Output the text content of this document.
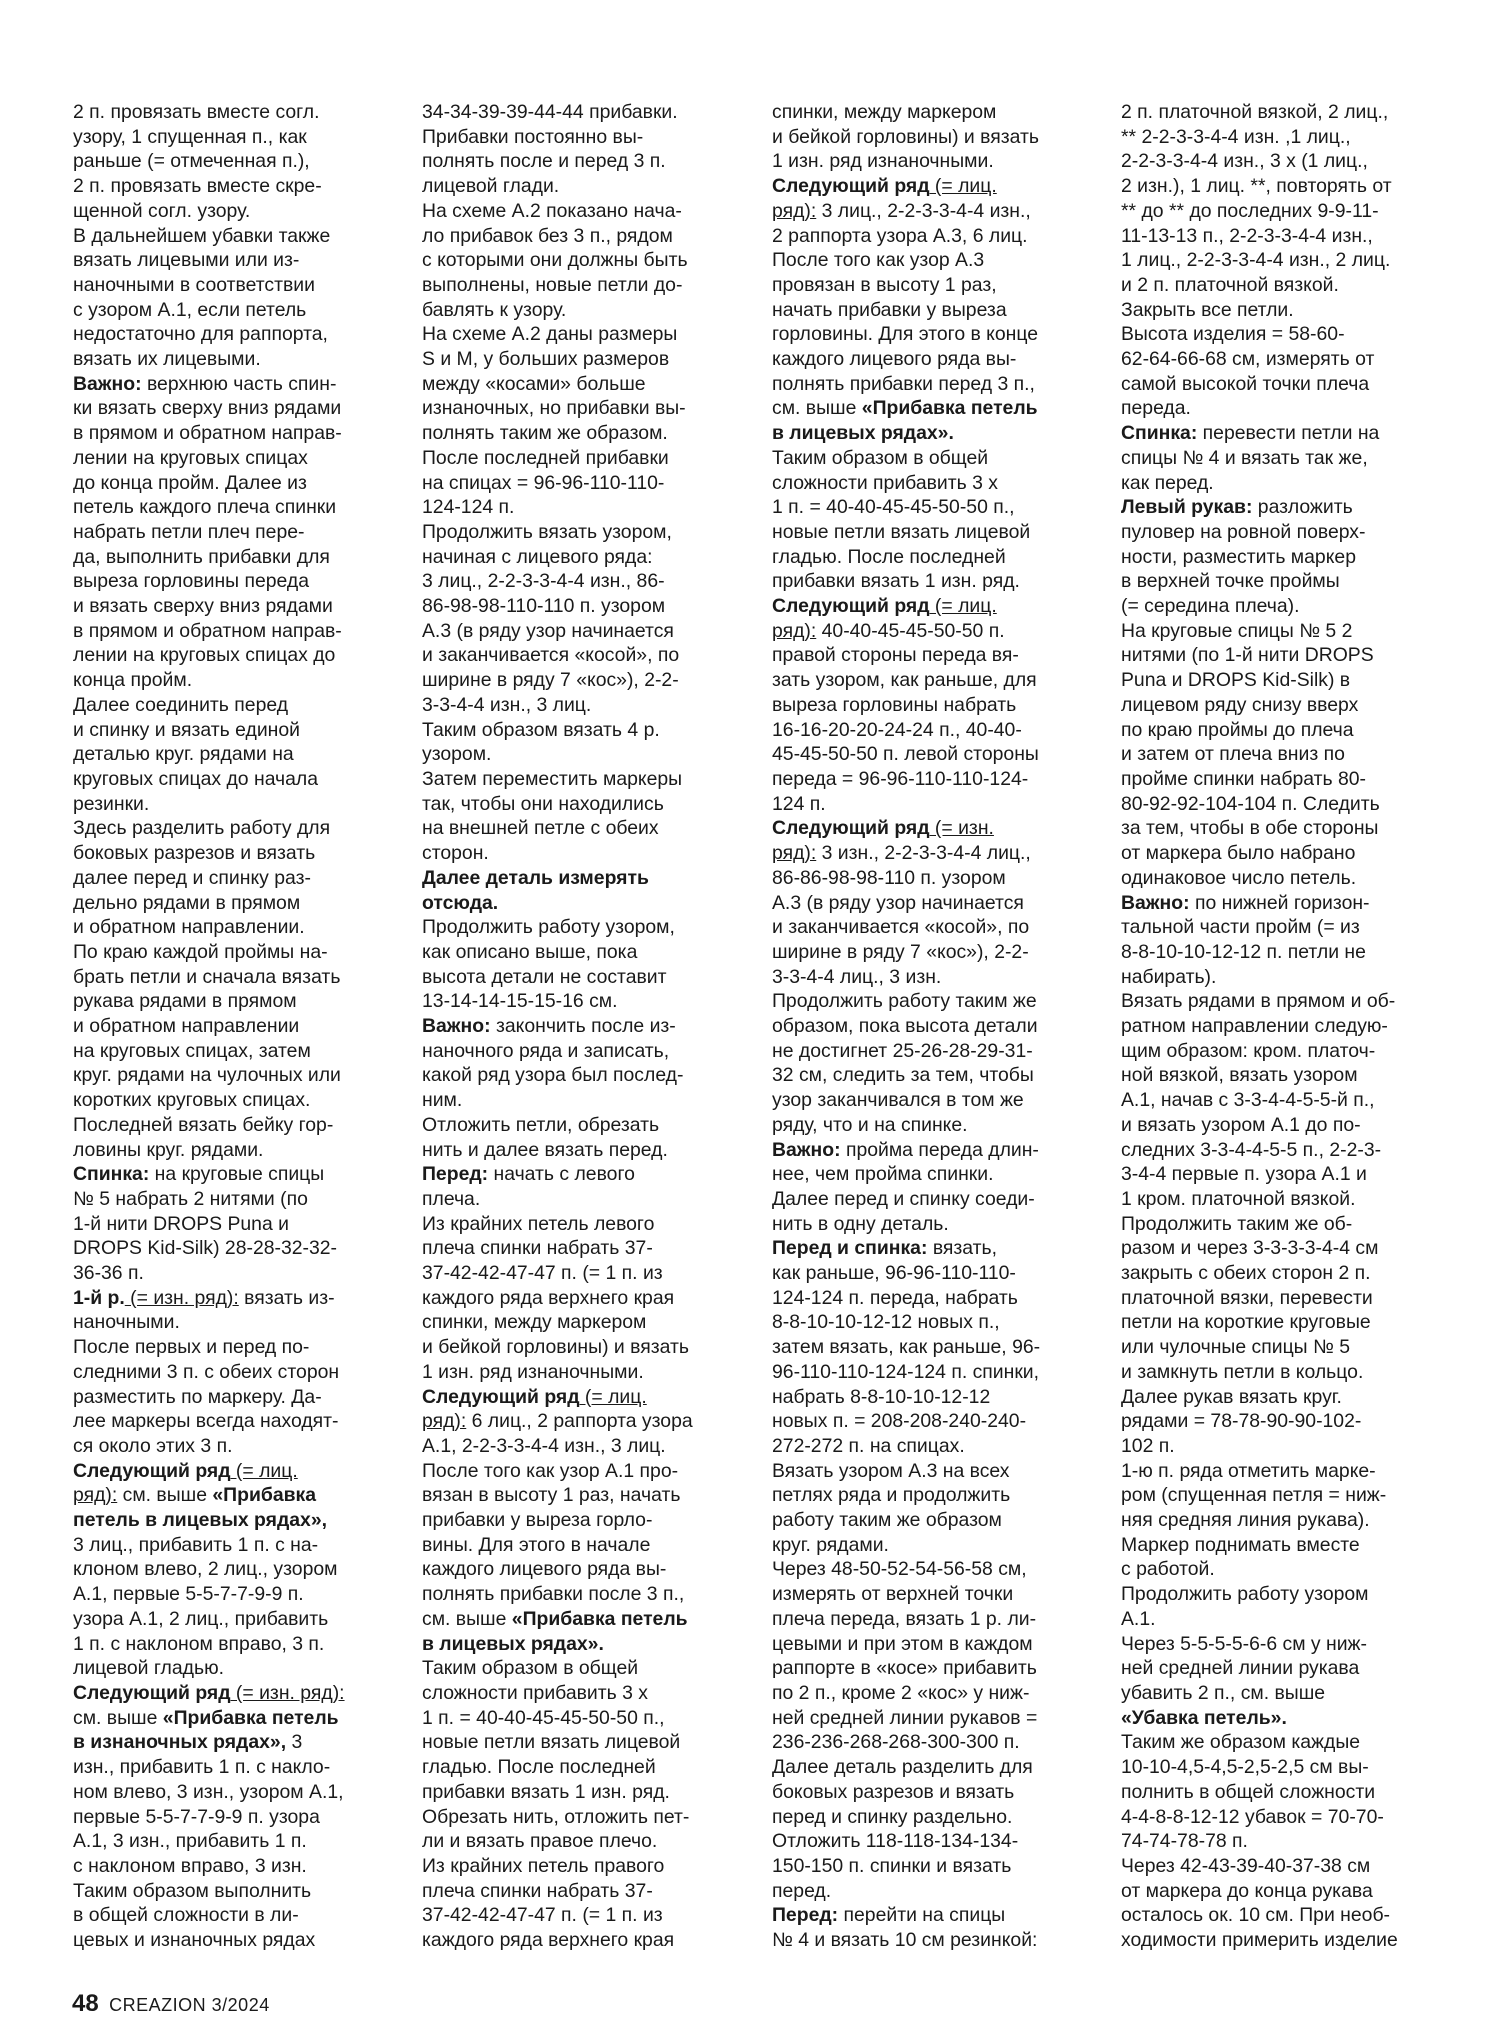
2 п. провязать вместе согл.

узору, 1 спущенная п., как

раньше (= отмеченная п.),

2 п. провязать вместе скре-

щенной согл. узору.

В дальнейшем убавки также

вязать лицевыми или из-

наночными в соответствии

с узором A.1, если петель

недостаточно для раппорта,

вязать их лицевыми.

Важно: верхнюю часть спин-

ки вязать сверху вниз рядами

в прямом и обратном направ-

лении на круговых спицах

до конца пройм. Далее из

петель каждого плеча спинки

набрать петли плеч пере-

да, выполнить прибавки для

выреза горловины переда

и вязать сверху вниз рядами

в прямом и обратном направ-

лении на круговых спицах до

конца пройм.

Далее соединить перед

и спинку и вязать единой

деталью круг. рядами на

круговых спицах до начала

резинки.

Здесь разделить работу для

боковых разрезов и вязать

далее перед и спинку раз-

дельно рядами в прямом

и обратном направлении.

По краю каждой проймы на-

брать петли и сначала вязать

рукава рядами в прямом

и обратном направлении

на круговых спицах, затем

круг. рядами на чулочных или

коротких круговых спицах.

Последней вязать бейку гор-

ловины круг. рядами.

Спинка: на круговые спицы

№ 5 набрать 2 нитями (по

1-й нити DROPS Puna и

DROPS Kid-Silk) 28-28-32-32-

36-36 п.

1-й р. (= изн. ряд): вязать из-

наночными.

После первых и перед по-

следними 3 п. с обеих сторон

разместить по маркеру. Да-

лее маркеры всегда находят-

ся около этих 3 п.

Следующий ряд (= лиц.

ряд): см. выше «Прибавка

петель в лицевых рядах»,

3 лиц., прибавить 1 п. с на-

клоном влево, 2 лиц., узором

A.1, первые 5-5-7-7-9-9 п.

узора A.1, 2 лиц., прибавить

1 п. с наклоном вправо, 3 п.

лицевой гладью.

Следующий ряд (= изн. ряд):

см. выше «Прибавка петель

в изнаночных рядах», 3

изн., прибавить 1 п. с накло-

ном влево, 3 изн., узором A.1,

первые 5-5-7-7-9-9 п. узора

A.1, 3 изн., прибавить 1 п.

с наклоном вправо, 3 изн.

Таким образом выполнить

в общей сложности в ли-

цевых и изнаночных рядах

34-34-39-39-44-44 прибавки.

Прибавки постоянно вы-

полнять после и перед 3 п.

лицевой глади.

На схеме A.2 показано нача-

ло прибавок без 3 п., рядом

с которыми они должны быть

выполнены, новые петли до-

бавлять к узору.

На схеме A.2 даны размеры

S и M, у больших размеров

между «косами» больше

изнаночных, но прибавки вы-

полнять таким же образом.

После последней прибавки

на спицах = 96-96-110-110-

124-124 п.

Продолжить вязать узором,

начиная с лицевого ряда:

3 лиц., 2-2-3-3-4-4 изн., 86-

86-98-98-110-110 п. узором

A.3 (в ряду узор начинается

и заканчивается «косой», по

ширине в ряду 7 «кос»), 2-2-

3-3-4-4 изн., 3 лиц.

Таким образом вязать 4 р.

узором.

Затем переместить маркеры

так, чтобы они находились

на внешней петле с обеих

сторон.

Далее деталь измерять

отсюда.

Продолжить работу узором,

как описано выше, пока

высота детали не составит

13-14-14-15-15-16 см.

Важно: закончить после из-

наночного ряда и записать,

какой ряд узора был послед-

ним.

Отложить петли, обрезать

нить и далее вязать перед.

Перед: начать с левого

плеча.

Из крайних петель левого

плеча спинки набрать 37-

37-42-42-47-47 п. (= 1 п. из

каждого ряда верхнего края

спинки, между маркером

и бейкой горловины) и вязать

1 изн. ряд изнаночными.

Следующий ряд (= лиц.

ряд): 6 лиц., 2 раппорта узора

A.1, 2-2-3-3-4-4 изн., 3 лиц.

После того как узор A.1 про-

вязан в высоту 1 раз, начать

прибавки у выреза горло-

вины. Для этого в начале

каждого лицевого ряда вы-

полнять прибавки после 3 п.,

см. выше «Прибавка петель

в лицевых рядах».

Таким образом в общей

сложности прибавить 3 х

1 п. = 40-40-45-45-50-50 п.,

новые петли вязать лицевой

гладью. После последней

прибавки вязать 1 изн. ряд.

Обрезать нить, отложить пет-

ли и вязать правое плечо.

Из крайних петель правого

плеча спинки набрать 37-

37-42-42-47-47 п. (= 1 п. из

каждого ряда верхнего края

спинки, между маркером

и бейкой горловины) и вязать

1 изн. ряд изнаночными.

Следующий ряд (= лиц.

ряд): 3 лиц., 2-2-3-3-4-4 изн.,

2 раппорта узора A.3, 6 лиц.

После того как узор A.3

провязан в высоту 1 раз,

начать прибавки у выреза

горловины. Для этого в конце

каждого лицевого ряда вы-

полнять прибавки перед 3 п.,

см. выше «Прибавка петель

в лицевых рядах».

Таким образом в общей

сложности прибавить 3 х

1 п. = 40-40-45-45-50-50 п.,

новые петли вязать лицевой

гладью. После последней

прибавки вязать 1 изн. ряд.

Следующий ряд (= лиц.

ряд): 40-40-45-45-50-50 п.

правой стороны переда вя-

зать узором, как раньше, для

выреза горловины набрать

16-16-20-20-24-24 п., 40-40-

45-45-50-50 п. левой стороны

переда = 96-96-110-110-124-

124 п.

Следующий ряд (= изн.

ряд): 3 изн., 2-2-3-3-4-4 лиц.,

86-86-98-98-110 п. узором

A.3 (в ряду узор начинается

и заканчивается «косой», по

ширине в ряду 7 «кос»), 2-2-

3-3-4-4 лиц., 3 изн.

Продолжить работу таким же

образом, пока высота детали

не достигнет 25-26-28-29-31-

32 см, следить за тем, чтобы

узор заканчивался в том же

ряду, что и на спинке.

Важно: пройма переда длин-

нее, чем пройма спинки.

Далее перед и спинку соеди-

нить в одну деталь.

Перед и спинка: вязать,

как раньше, 96-96-110-110-

124-124 п. переда, набрать

8-8-10-10-12-12 новых п.,

затем вязать, как раньше, 96-

96-110-110-124-124 п. спинки,

набрать 8-8-10-10-12-12

новых п. = 208-208-240-240-

272-272 п. на спицах.

Вязать узором A.3 на всех

петлях ряда и продолжить

работу таким же образом

круг. рядами.

Через 48-50-52-54-56-58 см,

измерять от верхней точки

плеча переда, вязать 1 р. ли-

цевыми и при этом в каждом

раппорте в «косе» прибавить

по 2 п., кроме 2 «кос» у ниж-

ней средней линии рукавов =

236-236-268-268-300-300 п.

Далее деталь разделить для

боковых разрезов и вязать

перед и спинку раздельно.

Отложить 118-118-134-134-

150-150 п. спинки и вязать

перед.

Перед: перейти на спицы

№ 4 и вязать 10 см резинкой:

2 п. платочной вязкой, 2 лиц.,

** 2-2-3-3-4-4 изн. ,1 лиц.,

2-2-3-3-4-4 изн., 3 х (1 лиц.,

2 изн.), 1 лиц. **, повторять от

** до ** до последних 9-9-11-

11-13-13 п., 2-2-3-3-4-4 изн.,

1 лиц., 2-2-3-3-4-4 изн., 2 лиц.

и 2 п. платочной вязкой.

Закрыть все петли.

Высота изделия = 58-60-

62-64-66-68 см, измерять от

самой высокой точки плеча

переда.

Спинка: перевести петли на

спицы № 4 и вязать так же,

как перед.

Левый рукав: разложить

пуловер на ровной поверх-

ности, разместить маркер

в верхней точке проймы

(= середина плеча).

На круговые спицы № 5 2

нитями (по 1-й нити DROPS

Puna и DROPS Kid-Silk) в

лицевом ряду снизу вверх

по краю проймы до плеча

и затем от плеча вниз по

пройме спинки набрать 80-

80-92-92-104-104 п. Следить

за тем, чтобы в обе стороны

от маркера было набрано

одинаковое число петель.

Важно: по нижней горизон-

тальной части пройм (= из

8-8-10-10-12-12 п. петли не

набирать).

Вязать рядами в прямом и об-

ратном направлении следую-

щим образом: кром. платоч-

ной вязкой, вязать узором

A.1, начав с 3-3-4-4-5-5-й п.,

и вязать узором A.1 до по-

следних 3-3-4-4-5-5 п., 2-2-3-

3-4-4 первые п. узора A.1 и

1 кром. платочной вязкой.

Продолжить таким же об-

разом и через 3-3-3-3-4-4 см

закрыть с обеих сторон 2 п.

платочной вязки, перевести

петли на короткие круговые

или чулочные спицы № 5

и замкнуть петли в кольцо.

Далее рукав вязать круг.

рядами = 78-78-90-90-102-

102 п.

1-ю п. ряда отметить марке-

ром (спущенная петля = ниж-

няя средняя линия рукава).

Маркер поднимать вместе

с работой.

Продолжить работу узором

A.1.

Через 5-5-5-5-6-6 см у ниж-

ней средней линии рукава

убавить 2 п., см. выше

«Убавка петель».

Таким же образом каждые

10-10-4,5-4,5-2,5-2,5 см вы-

полнить в общей сложности

4-4-8-8-12-12 убавок = 70-70-

74-74-78-78 п.

Через 42-43-39-40-37-38 см

от маркера до конца рукава

осталось ок. 10 см. При необ-

ходимости примерить изделие

48 CREAZION 3/2024
